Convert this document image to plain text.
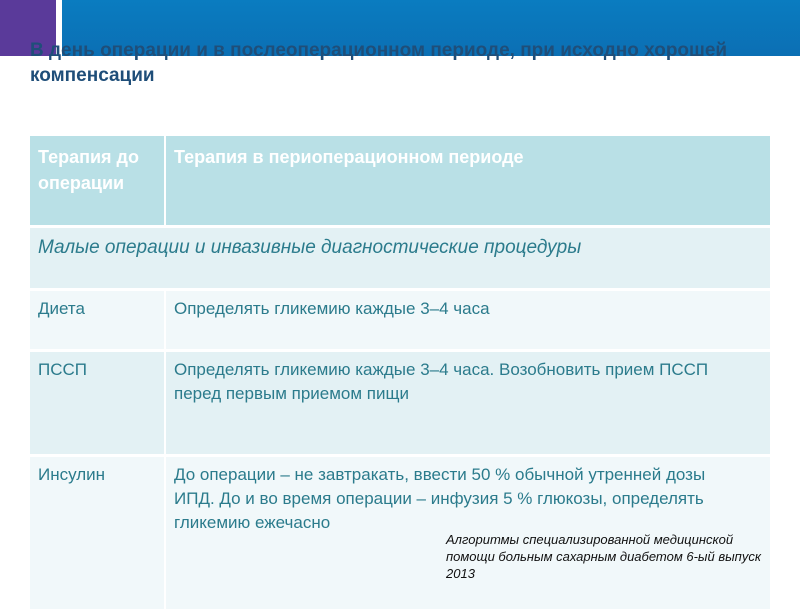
В день операции и в послеоперационном периоде, при исходно хорошей компенсации
Терапия до операции	Терапия в периоперационном периоде
Малые операции и инвазивные диагностические процедуры	
Диета	Определять гликемию каждые 3–4 часа

ПССП	Определять гликемию каждые 3–4 часа. Возобновить прием ПССП
перед первым приемом пищи

Инсулин	До операции – не завтракать, ввести 50 % обычной утренней дозы
ИПД. До и во время операции – инфузия 5 % глюкозы, определять
гликемию ежечасно

Алгоритмы специализированной медицинской помощи больным сахарным диабетом 6-ый выпуск 2013
